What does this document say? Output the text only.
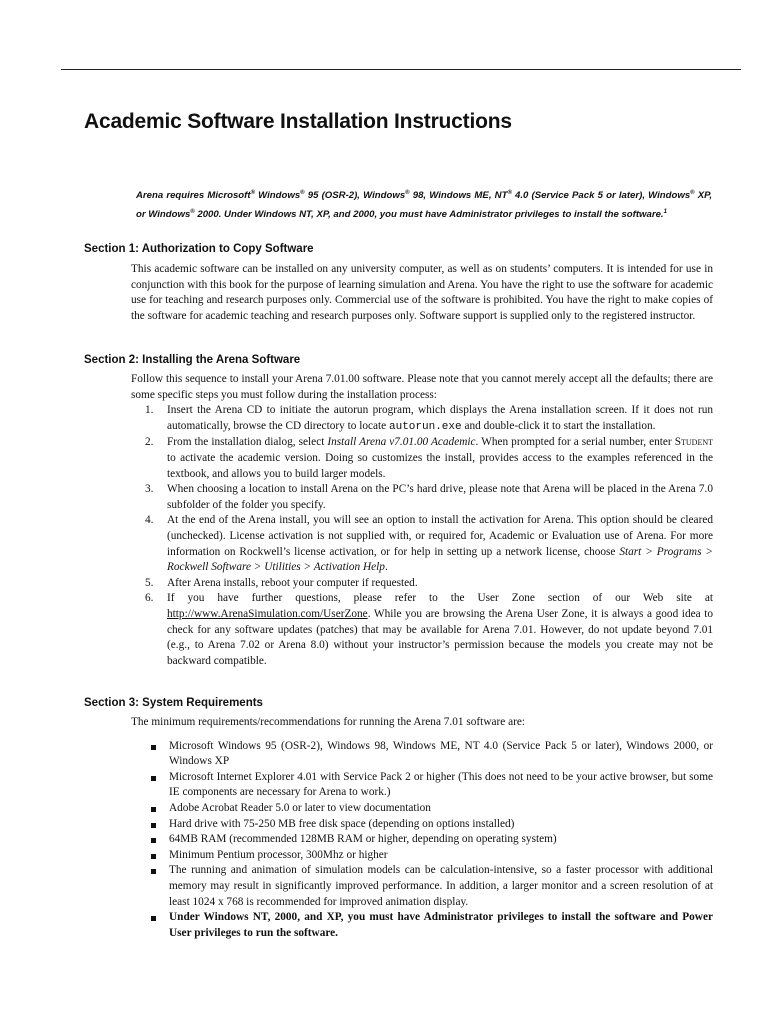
Academic Software Installation Instructions

Arena requires Microsoft® Windows® 95 (OSR-2), Windows® 98, Windows ME, NT® 4.0 (Service Pack 5 or later), Windows® XP, or Windows® 2000. Under Windows NT, XP, and 2000, you must have Administrator privileges to install the software.$^1$

Section 1: Authorization to Copy Software

This academic software can be installed on any university computer, as well as on students’ computers. It is intended for use in conjunction with this book for the purpose of learning simulation and Arena. You have the right to use the software for academic use for teaching and research purposes only. Commercial use of the software is prohibited. You have the right to make copies of the software for academic teaching and research purposes only. Software support is supplied only to the registered instructor.

Section 2: Installing the Arena Software

Follow this sequence to install your Arena 7.01.00 software. Please note that you cannot merely accept all the defaults; there are some specific steps you must follow during the installation process:

1. Insert the Arena CD to initiate the autorun program, which displays the Arena installation screen. If it does not run automatically, browse the CD directory to locate autorun.exe and double-click it to start the installation.
2. From the installation dialog, select Install Arena v7.01.00 Academic. When prompted for a serial number, enter Student to activate the academic version. Doing so customizes the install, provides access to the examples referenced in the textbook, and allows you to build larger models.
3. When choosing a location to install Arena on the PC’s hard drive, please note that Arena will be placed in the Arena 7.0 subfolder of the folder you specify.
4. At the end of the Arena install, you will see an option to install the activation for Arena. This option should be cleared (unchecked). License activation is not supplied with, or required for, Academic or Evaluation use of Arena. For more information on Rockwell’s license activation, or for help in setting up a network license, choose Start > Programs > Rockwell Software > Utilities > Activation Help.
5. After Arena installs, reboot your computer if requested.
6. If you have further questions, please refer to the User Zone section of our Web site at http://www.ArenaSimulation.com/UserZone. While you are browsing the Arena User Zone, it is always a good idea to check for any software updates (patches) that may be available for Arena 7.01. However, do not update beyond 7.01 (e.g., to Arena 7.02 or Arena 8.0) without your instructor’s permission because the models you create may not be backward compatible.
Section 3: System Requirements

The minimum requirements/recommendations for running the Arena 7.01 software are:

Microsoft Windows 95 (OSR-2), Windows 98, Windows ME, NT 4.0 (Service Pack 5 or later), Windows 2000, or Windows XP
Microsoft Internet Explorer 4.01 with Service Pack 2 or higher (This does not need to be your active browser, but some IE components are necessary for Arena to work.)
Adobe Acrobat Reader 5.0 or later to view documentation
Hard drive with 75-250 MB free disk space (depending on options installed)
64MB RAM (recommended 128MB RAM or higher, depending on operating system)
Minimum Pentium processor, 300Mhz or higher
The running and animation of simulation models can be calculation-intensive, so a faster processor with additional memory may result in significantly improved performance. In addition, a larger monitor and a screen resolution of at least 1024 x 768 is recommended for improved animation display.
Under Windows NT, 2000, and XP, you must have Administrator privileges to install the software and Power User privileges to run the software.
